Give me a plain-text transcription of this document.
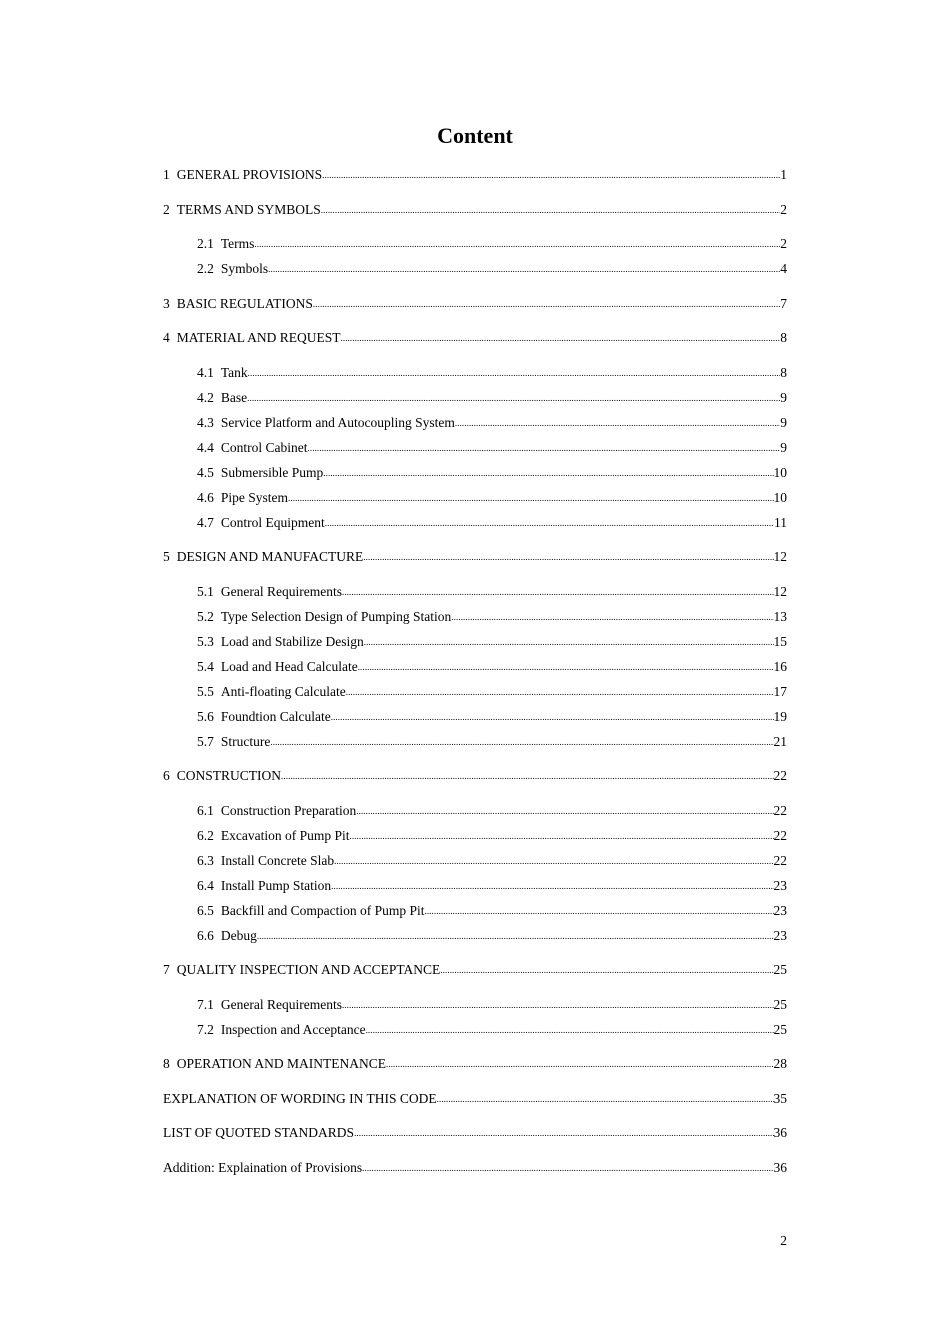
Content
1 GENERAL PROVISIONS .....	1
2 TERMS AND SYMBOLS .....	2
2.1 Terms .....	2
2.2 Symbols .....	4
3 BASIC REGULATIONS .....	7
4 MATERIAL AND REQUEST .....	8
4.1 Tank .....	8
4.2 Base .....	9
4.3 Service Platform and Autocoupling System .....	9
4.4 Control Cabinet .....	9
4.5 Submersible Pump .....	10
4.6 Pipe System .....	10
4.7 Control Equipment .....	11
5 DESIGN AND MANUFACTURE .....	12
5.1 General Requirements .....	12
5.2 Type Selection Design of Pumping Station .....	13
5.3 Load and Stabilize Design .....	15
5.4 Load and Head Calculate .....	16
5.5 Anti-floating Calculate .....	17
5.6 Foundtion Calculate .....	19
5.7 Structure .....	21
6 CONSTRUCTION .....	22
6.1 Construction Preparation .....	22
6.2 Excavation of Pump Pit .....	22
6.3 Install Concrete Slab .....	22
6.4 Install Pump Station .....	23
6.5 Backfill and Compaction of Pump Pit .....	23
6.6 Debug .....	23
7 QUALITY INSPECTION AND ACCEPTANCE .....	25
7.1 General Requirements .....	25
7.2 Inspection and Acceptance .....	25
8 OPERATION AND MAINTENANCE .....	28
EXPLANATION OF WORDING IN THIS CODE .....	35
LIST OF QUOTED STANDARDS .....	36
Addition: Explaination of Provisions .....	36
2
